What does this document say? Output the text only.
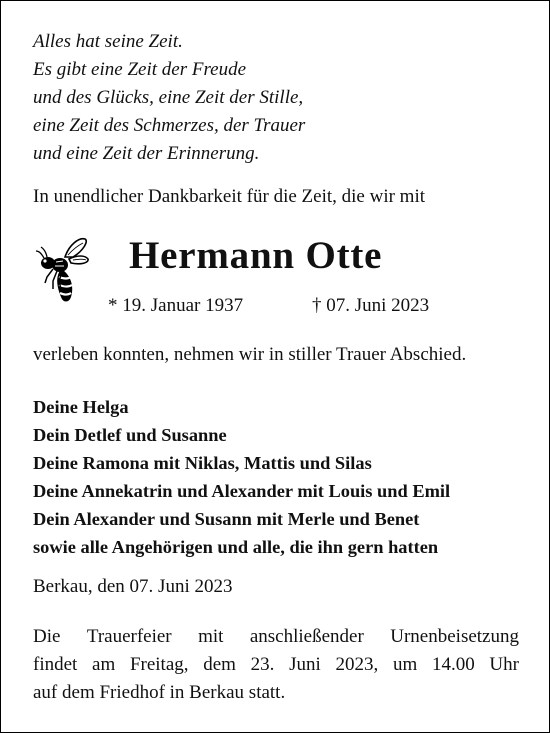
Alles hat seine Zeit.
Es gibt eine Zeit der Freude
und des Glücks, eine Zeit der Stille,
eine Zeit des Schmerzes, der Trauer
und eine Zeit der Erinnerung.
In unendlicher Dankbarkeit für die Zeit, die wir mit
Hermann Otte
* 19. Januar 1937	† 07. Juni 2023
verleben konnten, nehmen wir in stiller Trauer Abschied.
Deine Helga
Dein Detlef und Susanne
Deine Ramona mit Niklas, Mattis und Silas
Deine Annekatrin und Alexander mit Louis und Emil
Dein Alexander und Susann mit Merle und Benet
sowie alle Angehörigen und alle, die ihn gern hatten
Berkau, den 07. Juni 2023
Die Trauerfeier mit anschließender Urnenbeisetzung
findet am Freitag, dem 23. Juni 2023, um 14.00 Uhr
auf dem Friedhof in Berkau statt.
